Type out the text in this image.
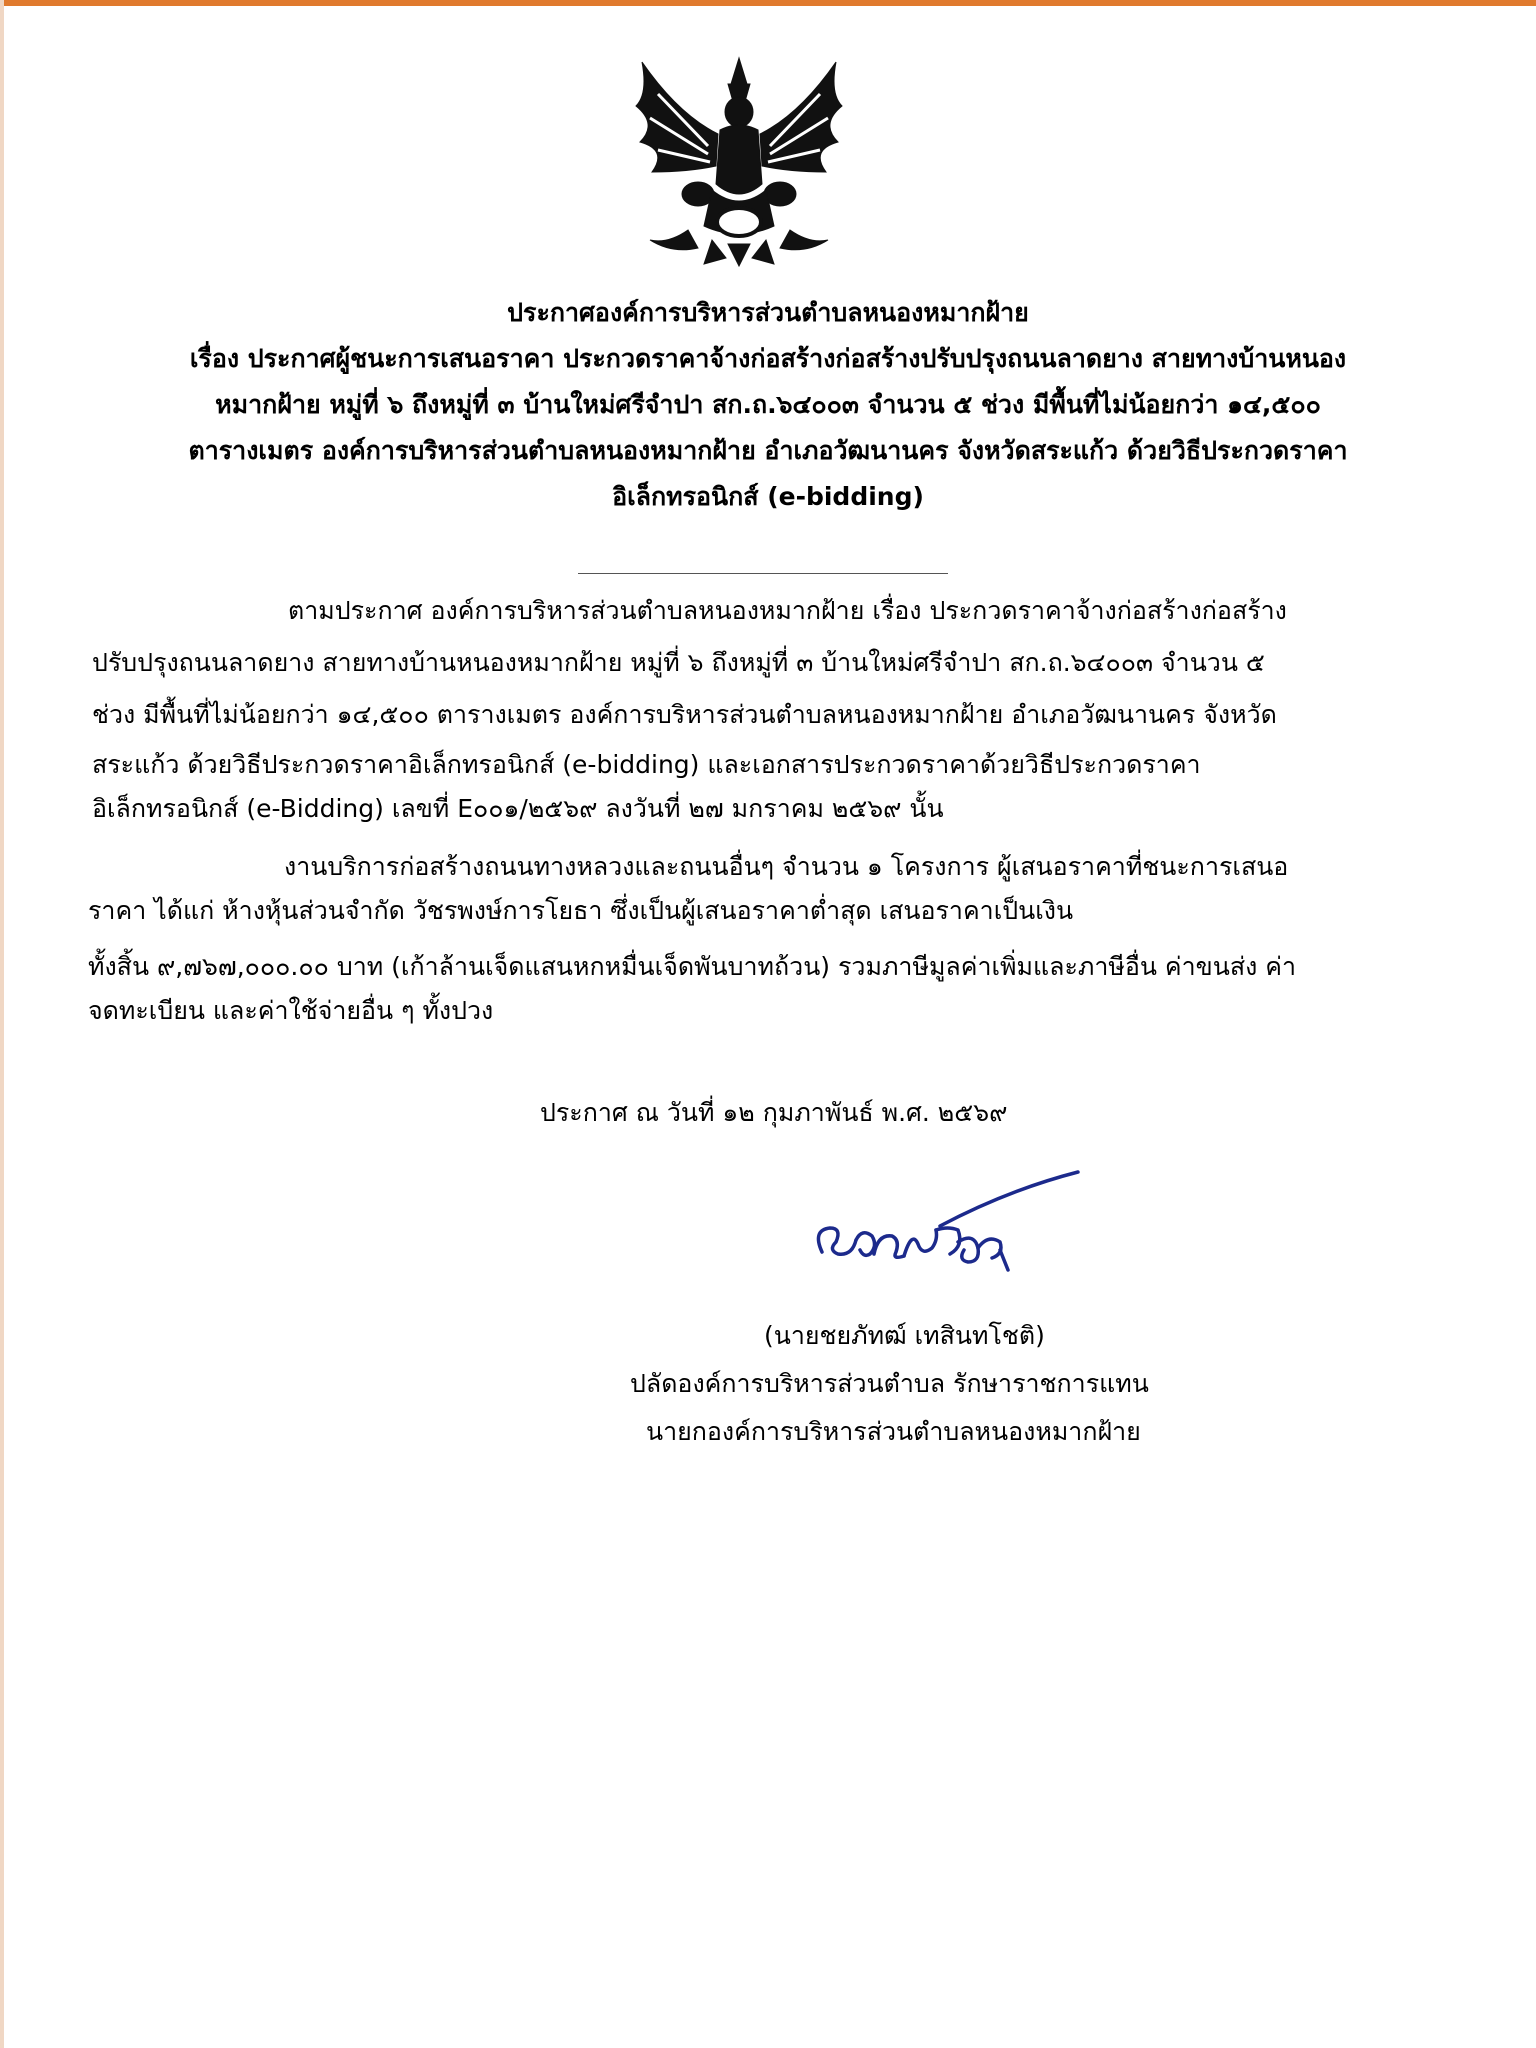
ประกาศองค์การบริหารส่วนตำบลหนองหมากฝ้าย
เรื่อง ประกาศผู้ชนะการเสนอราคา ประกวดราคาจ้างก่อสร้างก่อสร้างปรับปรุงถนนลาดยาง สายทางบ้านหนอง
หมากฝ้าย หมู่ที่ ๖ ถึงหมู่ที่ ๓ บ้านใหม่ศรีจำปา สก.ถ.๖๔๐๐๓ จำนวน ๕ ช่วง มีพื้นที่ไม่น้อยกว่า ๑๔,๕๐๐
ตารางเมตร องค์การบริหารส่วนตำบลหนองหมากฝ้าย อำเภอวัฒนานคร จังหวัดสระแก้ว ด้วยวิธีประกวดราคา
อิเล็กทรอนิกส์ (e-bidding)
ตามประกาศ องค์การบริหารส่วนตำบลหนองหมากฝ้าย เรื่อง ประกวดราคาจ้างก่อสร้างก่อสร้าง
ปรับปรุงถนนลาดยาง สายทางบ้านหนองหมากฝ้าย หมู่ที่ ๖ ถึงหมู่ที่ ๓ บ้านใหม่ศรีจำปา สก.ถ.๖๔๐๐๓ จำนวน ๕
ช่วง มีพื้นที่ไม่น้อยกว่า ๑๔,๕๐๐ ตารางเมตร องค์การบริหารส่วนตำบลหนองหมากฝ้าย อำเภอวัฒนานคร จังหวัด
สระแก้ว ด้วยวิธีประกวดราคาอิเล็กทรอนิกส์ (e-bidding) และเอกสารประกวดราคาด้วยวิธีประกวดราคา
อิเล็กทรอนิกส์ (e-Bidding) เลขที่ E๐๐๑/๒๕๖๙ ลงวันที่ ๒๗ มกราคม ๒๕๖๙ นั้น
งานบริการก่อสร้างถนนทางหลวงและถนนอื่นๆ จำนวน ๑ โครงการ ผู้เสนอราคาที่ชนะการเสนอ
ราคา ได้แก่ ห้างหุ้นส่วนจำกัด วัชรพงษ์การโยธา ซึ่งเป็นผู้เสนอราคาต่ำสุด เสนอราคาเป็นเงิน
ทั้งสิ้น ๙,๗๖๗,๐๐๐.๐๐ บาท (เก้าล้านเจ็ดแสนหกหมื่นเจ็ดพันบาทถ้วน) รวมภาษีมูลค่าเพิ่มและภาษีอื่น ค่าขนส่ง ค่า
จดทะเบียน และค่าใช้จ่ายอื่น ๆ ทั้งปวง
ประกาศ ณ วันที่ ๑๒ กุมภาพันธ์ พ.ศ. ๒๕๖๙
(นายชยภัทฒ์ เทสินทโชติ)
ปลัดองค์การบริหารส่วนตำบล รักษาราชการแทน
นายกองค์การบริหารส่วนตำบลหนองหมากฝ้าย
